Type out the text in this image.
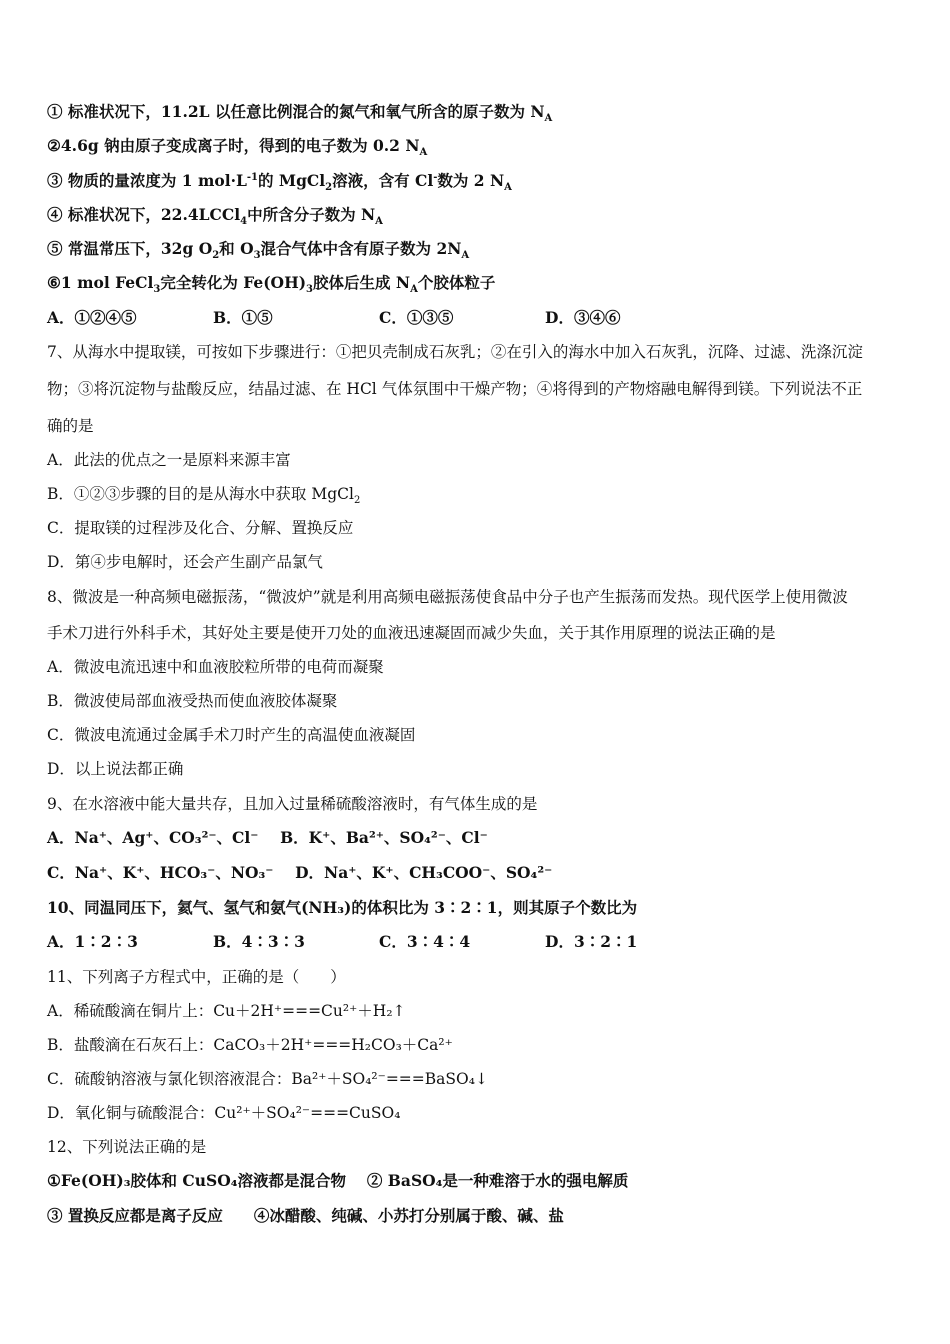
① 标准状况下，11.2L 以任意比例混合的氮气和氧气所含的原子数为 $N_A$
②4.6g 钠由原子变成离子时，得到的电子数为 0.2 $N_A$
③ 物质的量浓度为 1 $mol\cdot L^{-1}$的 MgCl$_2$溶液，含有 Cl-数为 2 $N_A$
④ 标准状况下，22.4LCCl$_4$中所含分子数为 $N_A$
⑤ 常温常压下，32g $O_2$和 $O_3$混合气体中含有原子数为 $2N_A$
⑥1 mol FeCl$_3$完全转化为 $Fe(OH)_3$胶体后生成 $N_A$个胶体粒子
A．①②④⑤	B．①⑤	C．①③⑤	D．③④⑥
7、从海水中提取镁，可按如下步骤进行：①把贝壳制成石灰乳；②在引入的海水中加入石灰乳，沉降、过滤、洗涤沉淀
物；③将沉淀物与盐酸反应，结晶过滤、在 HCl 气体氛围中干燥产物；④将得到的产物熔融电解得到镁。下列说法不正
确的是
A．此法的优点之一是原料来源丰富
B．①②③步骤的目的是从海水中获取 MgCl$_2$
C．提取镁的过程涉及化合、分解、置换反应
D．第④步电解时，还会产生副产品氯气
8、微波是一种高频电磁振荡，“微波炉”就是利用高频电磁振荡使食品中分子也产生振荡而发热。现代医学上使用微波
手术刀进行外科手术，其好处主要是使开刀处的血液迅速凝固而减少失血，关于其作用原理的说法正确的是
A．微波电流迅速中和血液胶粒所带的电荷而凝聚
B．微波使局部血液受热而使血液胶体凝聚
C．微波电流通过金属手术刀时产生的高温使血液凝固
D．以上说法都正确
9、在水溶液中能大量共存，且加入过量稀硫酸溶液时，有气体生成的是
A．Na⁺、Ag⁺、CO₃²⁻、Cl⁻ B．K⁺、Ba²⁺、SO₄²⁻、Cl⁻
C．Na⁺、K⁺、HCO₃⁻、NO₃⁻ D．Na⁺、K⁺、CH₃COO⁻、SO₄²⁻
10、同温同压下，氦气、氢气和氨气(NH₃)的体积比为 3∶2∶1，则其原子个数比为
A．1∶2∶3	B．4∶3∶3	C．3∶4∶4	D．3∶2∶1
11、下列离子方程式中，正确的是（　　）
A．稀硫酸滴在铜片上：Cu＋2H⁺===Cu²⁺＋H₂↑
B．盐酸滴在石灰石上：CaCO₃＋2H⁺===H₂CO₃＋Ca²⁺
C．硫酸钠溶液与氯化钡溶液混合：Ba²⁺＋SO₄²⁻===BaSO₄↓
D．氧化铜与硫酸混合：Cu²⁺＋SO₄²⁻===CuSO₄
12、下列说法正确的是
①Fe(OH)₃胶体和 CuSO₄溶液都是混合物　 ② BaSO₄是一种难溶于水的强电解质
③ 置换反应都是离子反应　　④冰醋酸、纯碱、小苏打分别属于酸、碱、盐
